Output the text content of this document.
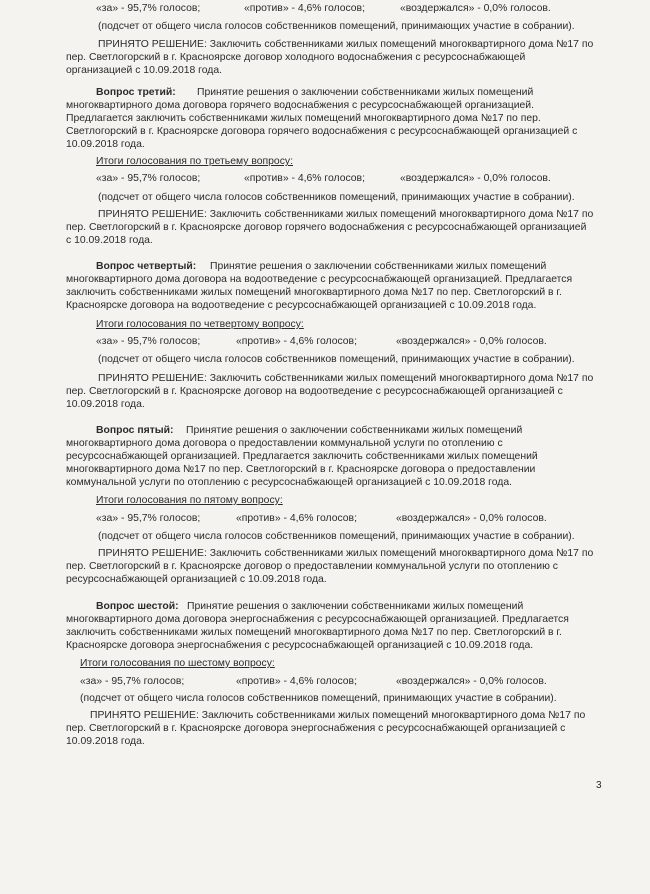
«за» - 95,7% голосов;	«против» - 4,6% голосов;	«воздержался» - 0,0% голосов.
(подсчет от общего числа голосов собственников помещений, принимающих участие в собрании).
ПРИНЯТО РЕШЕНИЕ: Заключить собственниками жилых помещений многоквартирного дома №17 по
пер. Светлогорский в г. Красноярске договор холодного водоснабжения с ресурсоснабжающей
организацией с 10.09.2018 года.
Вопрос третий: Принятие решения о заключении собственниками жилых помещений
многоквартирного дома договора горячего водоснабжения с ресурсоснабжающей организацией.
Предлагается заключить собственниками жилых помещений многоквартирного дома №17 по пер.
Светлогорский в г. Красноярске договора горячего водоснабжения с ресурсоснабжающей организацией с
10.09.2018 года.
Итоги голосования по третьему вопросу:
«за» - 95,7% голосов;	«против» - 4,6% голосов;	«воздержался» - 0,0% голосов.
(подсчет от общего числа голосов собственников помещений, принимающих участие в собрании).
ПРИНЯТО РЕШЕНИЕ: Заключить собственниками жилых помещений многоквартирного дома №17 по
пер. Светлогорский в г. Красноярске договор горячего водоснабжения с ресурсоснабжающей организацией
с 10.09.2018 года.
Вопрос четвертый: Принятие решения о заключении собственниками жилых помещений
многоквартирного дома договора на водоотведение с ресурсоснабжающей организацией. Предлагается
заключить собственниками жилых помещений многоквартирного дома №17 по пер. Светлогорский в г.
Красноярске договора на водоотведение с ресурсоснабжающей организацией с 10.09.2018 года.
Итоги голосования по четвертому вопросу:
«за» - 95,7% голосов;	«против» - 4,6% голосов;	«воздержался» - 0,0% голосов.
(подсчет от общего числа голосов собственников помещений, принимающих участие в собрании).
ПРИНЯТО РЕШЕНИЕ: Заключить собственниками жилых помещений многоквартирного дома №17 по
пер. Светлогорский в г. Красноярске договор на водоотведение с ресурсоснабжающей организацией с
10.09.2018 года.
Вопрос пятый: Принятие решения о заключении собственниками жилых помещений
многоквартирного дома договора о предоставлении коммунальной услуги по отоплению с
ресурсоснабжающей организацией. Предлагается заключить собственниками жилых помещений
многоквартирного дома №17 по пер. Светлогорский в г. Красноярске договора о предоставлении
коммунальной услуги по отоплению с ресурсоснабжающей организацией с 10.09.2018 года.
Итоги голосования по пятому вопросу:
«за» - 95,7% голосов;	«против» - 4,6% голосов;	«воздержался» - 0,0% голосов.
(подсчет от общего числа голосов собственников помещений, принимающих участие в собрании).
ПРИНЯТО РЕШЕНИЕ: Заключить собственниками жилых помещений многоквартирного дома №17 по
пер. Светлогорский в г. Красноярске договор о предоставлении коммунальной услуги по отоплению с
ресурсоснабжающей организацией с 10.09.2018 года.
Вопрос шестой: Принятие решения о заключении собственниками жилых помещений
многоквартирного дома договора энергоснабжения с ресурсоснабжающей организацией. Предлагается
заключить собственниками жилых помещений многоквартирного дома №17 по пер. Светлогорский в г.
Красноярске договора энергоснабжения с ресурсоснабжающей организацией с 10.09.2018 года.
Итоги голосования по шестому вопросу:
«за» - 95,7% голосов;	«против» - 4,6% голосов;	«воздержался» - 0,0% голосов.
(подсчет от общего числа голосов собственников помещений, принимающих участие в собрании).
ПРИНЯТО РЕШЕНИЕ: Заключить собственниками жилых помещений многоквартирного дома №17 по
пер. Светлогорский в г. Красноярске договора энергоснабжения с ресурсоснабжающей организацией с
10.09.2018 года.
3
